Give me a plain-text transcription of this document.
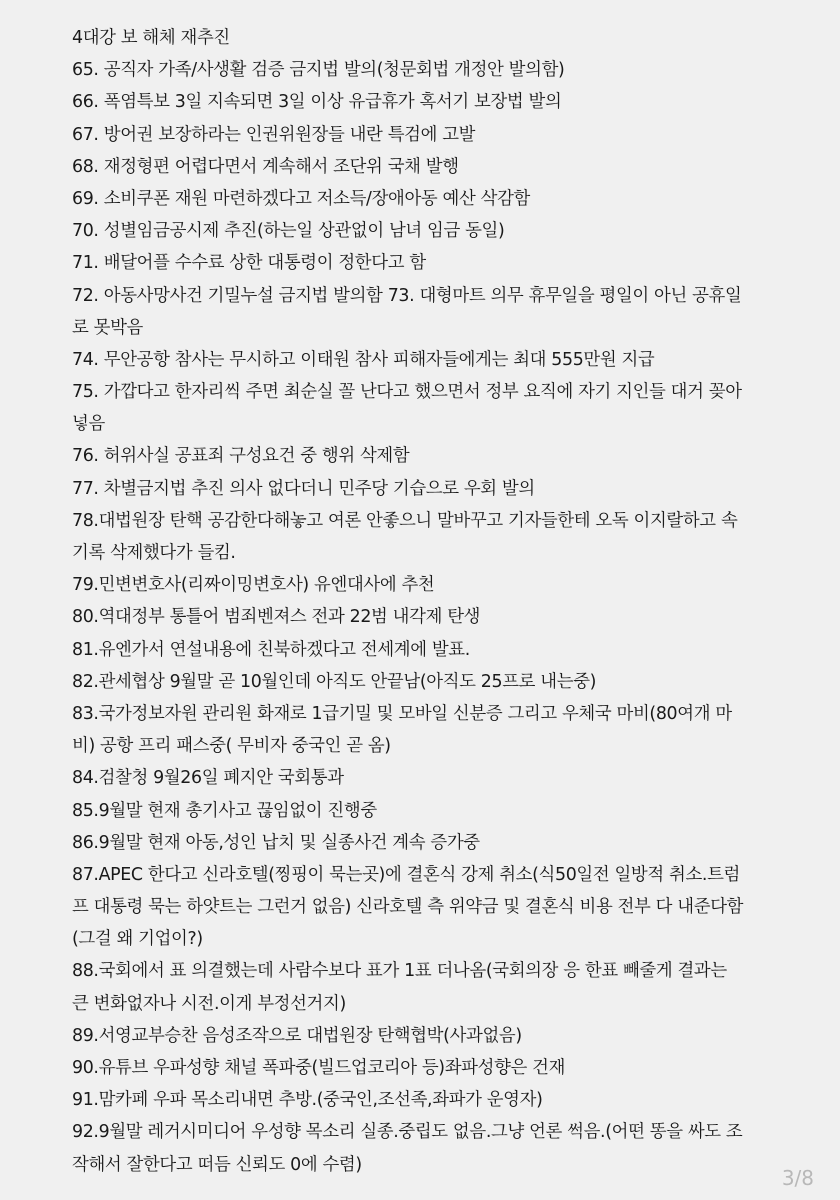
4대강 보 해체 재추진
65. 공직자 가족/사생활 검증 금지법 발의(청문회법 개정안 발의함)
66. 폭염특보 3일 지속되면 3일 이상 유급휴가 혹서기 보장법 발의
67. 방어권 보장하라는 인권위원장들 내란 특검에 고발
68. 재정형편 어렵다면서 계속해서 조단위 국채 발행
69. 소비쿠폰 재원 마련하겠다고 저소득/장애아동 예산 삭감함
70. 성별임금공시제 추진(하는일 상관없이 남녀 임금 동일)
71. 배달어플 수수료 상한 대통령이 정한다고 함
72. 아동사망사건 기밀누설 금지법 발의함 73. 대형마트 의무 휴무일을 평일이 아닌 공휴일
로 못박음
74. 무안공항 참사는 무시하고 이태원 참사 피해자들에게는 최대 555만원 지급
75. 가깝다고 한자리씩 주면 최순실 꼴 난다고 했으면서 정부 요직에 자기 지인들 대거 꽂아
넣음
76. 허위사실 공표죄 구성요건 중 행위 삭제함
77. 차별금지법 추진 의사 없다더니 민주당 기습으로 우회 발의
78.대법원장 탄핵 공감한다해놓고 여론 안좋으니 말바꾸고 기자들한테 오독 이지랄하고 속
기록 삭제했다가 들킴.
79.민변변호사(리짜이밍변호사) 유엔대사에 추천
80.역대정부 통틀어 범죄벤져스 전과 22범 내각제 탄생
81.유엔가서 연설내용에 친북하겠다고 전세계에 발표.
82.관세협상 9월말 곧 10월인데 아직도 안끝남(아직도 25프로 내는중)
83.국가정보자원 관리원 화재로 1급기밀 및 모바일 신분증 그리고 우체국 마비(80여개 마
비) 공항 프리 패스중( 무비자 중국인 곧 옴)
84.검찰청 9월26일 폐지안 국회통과
85.9월말 현재 총기사고 끊임없이 진행중
86.9월말 현재 아동,성인 납치 및 실종사건 계속 증가중
87.APEC 한다고 신라호텔(찡핑이 묵는곳)에 결혼식 강제 취소(식50일전 일방적 취소.트럼
프 대통령 묵는 하얏트는 그런거 없음) 신라호텔 측 위약금 및 결혼식 비용 전부 다 내준다함
(그걸 왜 기업이?)
88.국회에서 표 의결했는데 사람수보다 표가 1표 더나옴(국회의장 응 한표 빼줄게 결과는
큰 변화없자나 시전.이게 부정선거지)
89.서영교부승찬 음성조작으로 대법원장 탄핵협박(사과없음)
90.유튜브 우파성향 채널 폭파중(빌드업코리아 등)좌파성향은 건재
91.맘카페 우파 목소리내면 추방.(중국인,조선족,좌파가 운영자)
92.9월말 레거시미디어 우성향 목소리 실종.중립도 없음.그냥 언론 썩음.(어떤 똥을 싸도 조
작해서 잘한다고 떠듬 신뢰도 0에 수렴)
3/8
